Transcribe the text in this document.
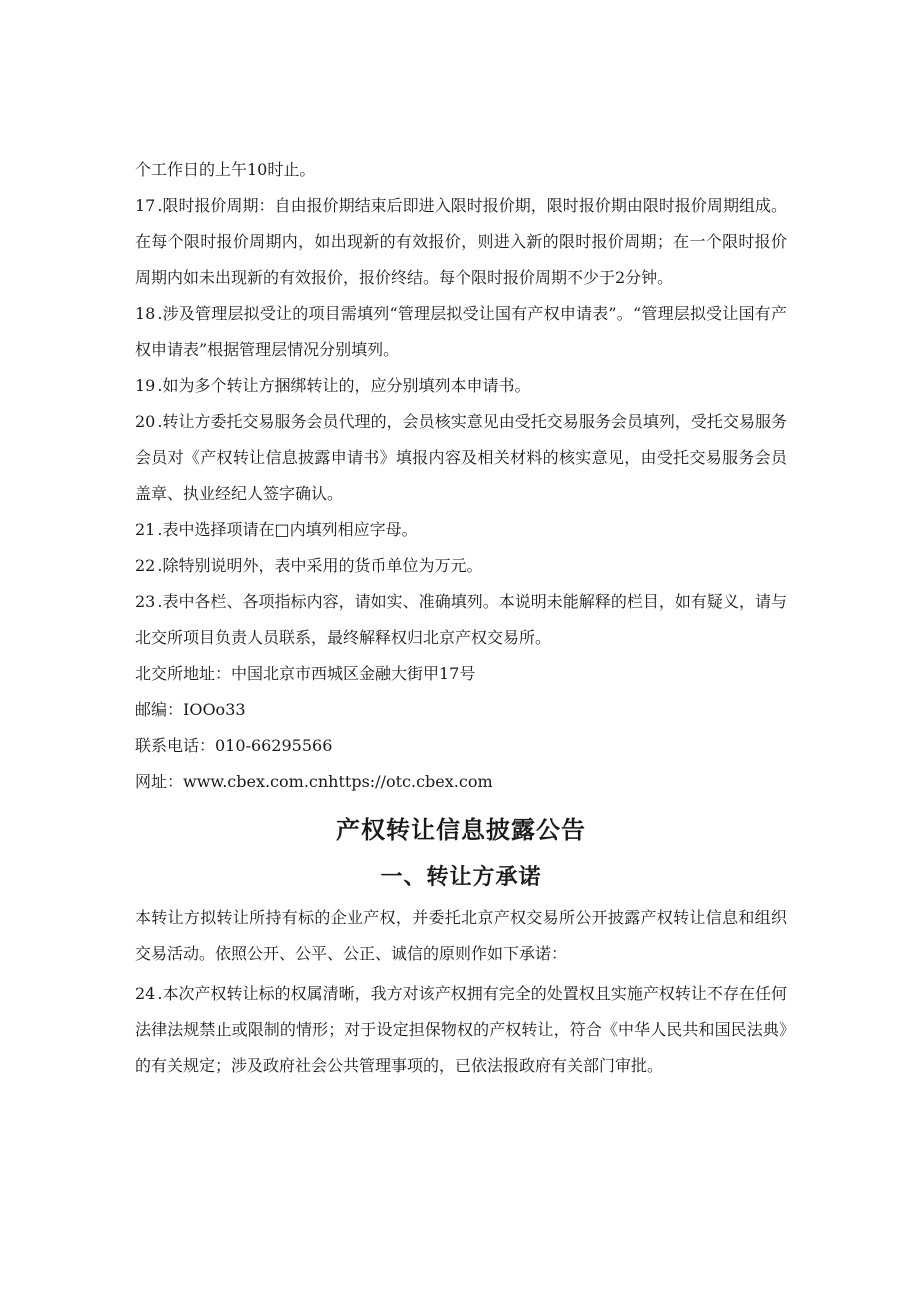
个工作日的上午10时止。

17 .限时报价周期：自由报价期结束后即进入限时报价期，限时报价期由限时报价周期组成。在每个限时报价周期内，如出现新的有效报价，则进入新的限时报价周期；在一个限时报价周期内如未出现新的有效报价，报价终结。每个限时报价周期不少于2分钟。

18 .涉及管理层拟受让的项目需填列“管理层拟受让国有产权申请表”。“管理层拟受让国有产权申请表”根据管理层情况分别填列。

19 .如为多个转让方捆绑转让的，应分别填列本申请书。

20 .转让方委托交易服务会员代理的，会员核实意见由受托交易服务会员填列，受托交易服务会员对《产权转让信息披露申请书》填报内容及相关材料的核实意见，由受托交易服务会员盖章、执业经纪人签字确认。

21 .表中选择项请在□内填列相应字母。

22 .除特别说明外，表中采用的货币单位为万元。

23 .表中各栏、各项指标内容，请如实、准确填列。本说明未能解释的栏目，如有疑义，请与北交所项目负责人员联系，最终解释权归北京产权交易所。

北交所地址：中国北京市西城区金融大街甲17号

邮编：IOOo33

联系电话：010-66295566

网址：www.cbex.com.cnhttps://otc.cbex.com

产权转让信息披露公告
一、转让方承诺

本转让方拟转让所持有标的企业产权，并委托北京产权交易所公开披露产权转让信息和组织交易活动。依照公开、公平、公正、诚信的原则作如下承诺：

24 .本次产权转让标的权属清晰，我方对该产权拥有完全的处置权且实施产权转让不存在任何法律法规禁止或限制的情形；对于设定担保物权的产权转让，符合《中华人民共和国民法典》的有关规定；涉及政府社会公共管理事项的，已依法报政府有关部门审批。
